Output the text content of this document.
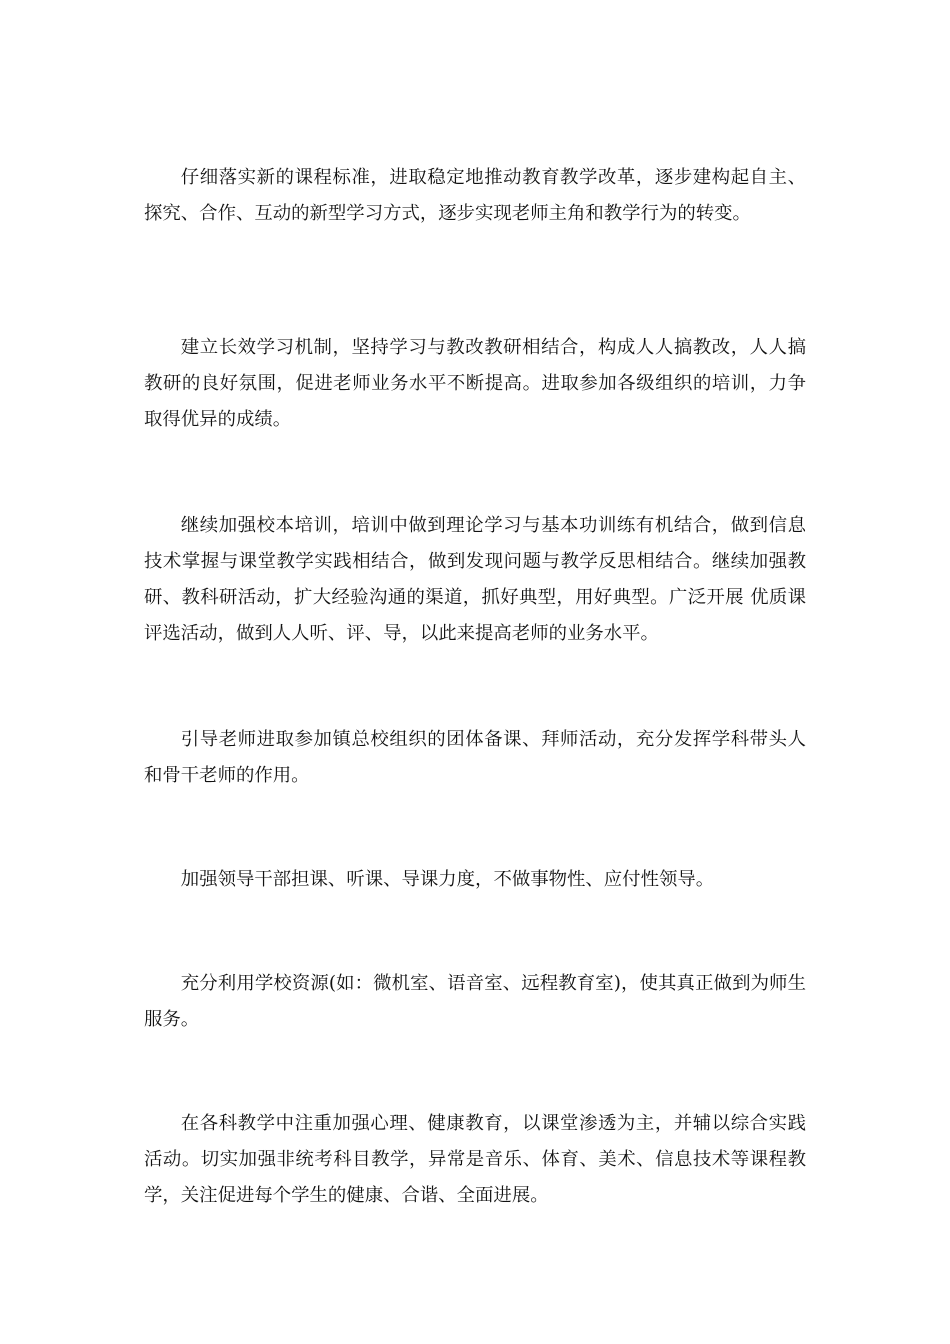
仔细落实新的课程标准，进取稳定地推动教育教学改革，逐步建构起自主、探究、合作、互动的新型学习方式，逐步实现老师主角和教学行为的转变。

建立长效学习机制，坚持学习与教改教研相结合，构成人人搞教改，人人搞教研的良好氛围，促进老师业务水平不断提高。进取参加各级组织的培训，力争取得优异的成绩。

继续加强校本培训，培训中做到理论学习与基本功训练有机结合，做到信息技术掌握与课堂教学实践相结合，做到发现问题与教学反思相结合。继续加强教研、教科研活动，扩大经验沟通的渠道，抓好典型，用好典型。广泛开展 优质课 评选活动，做到人人听、评、导，以此来提高老师的业务水平。

引导老师进取参加镇总校组织的团体备课、拜师活动，充分发挥学科带头人和骨干老师的作用。

加强领导干部担课、听课、导课力度，不做事物性、应付性领导。

充分利用学校资源(如：微机室、语音室、远程教育室)，使其真正做到为师生服务。

在各科教学中注重加强心理、健康教育，以课堂渗透为主，并辅以综合实践活动。切实加强非统考科目教学，异常是音乐、体育、美术、信息技术等课程教学，关注促进每个学生的健康、合谐、全面进展。
